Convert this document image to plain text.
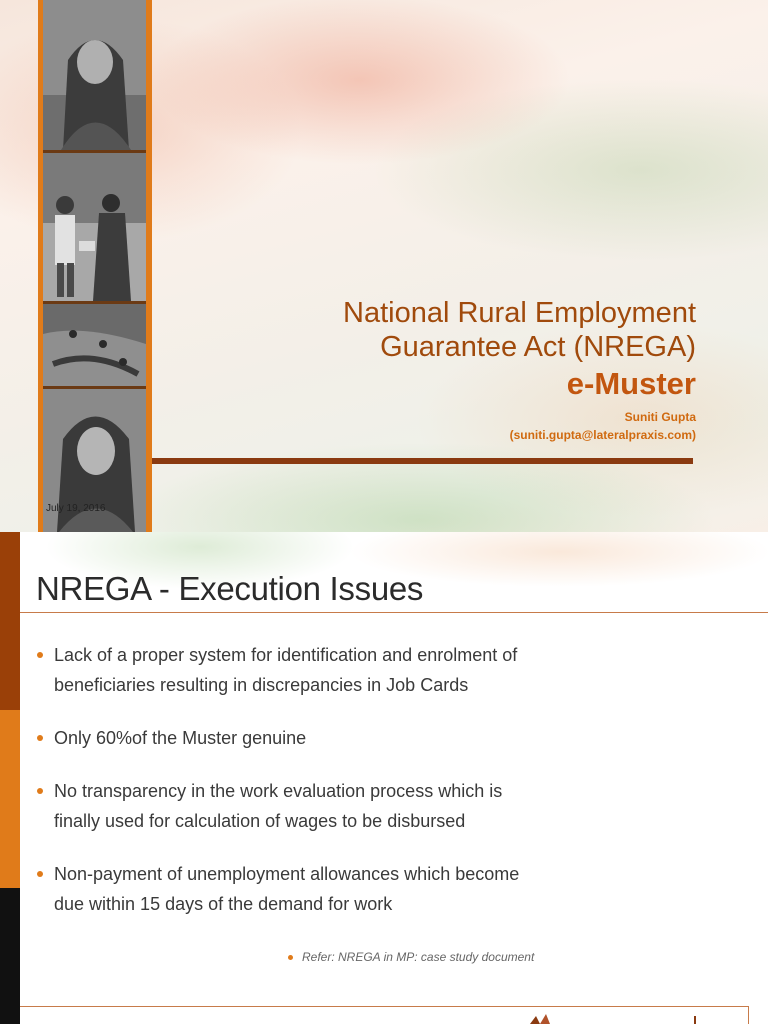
National Rural Employment
Guarantee Act (NREGA)
e-Muster
Suniti Gupta
(suniti.gupta@lateralpraxis.com)
July 19, 2016
NREGA - Execution Issues
Lack of a proper system for identification and enrolment of beneficiaries resulting in discrepancies in Job Cards
Only 60%of the Muster genuine
No transparency in the work evaluation process which is finally used for calculation of wages to be disbursed
Non-payment of unemployment allowances which become due within 15 days of the demand for work
Refer: NREGA in MP: case study document
